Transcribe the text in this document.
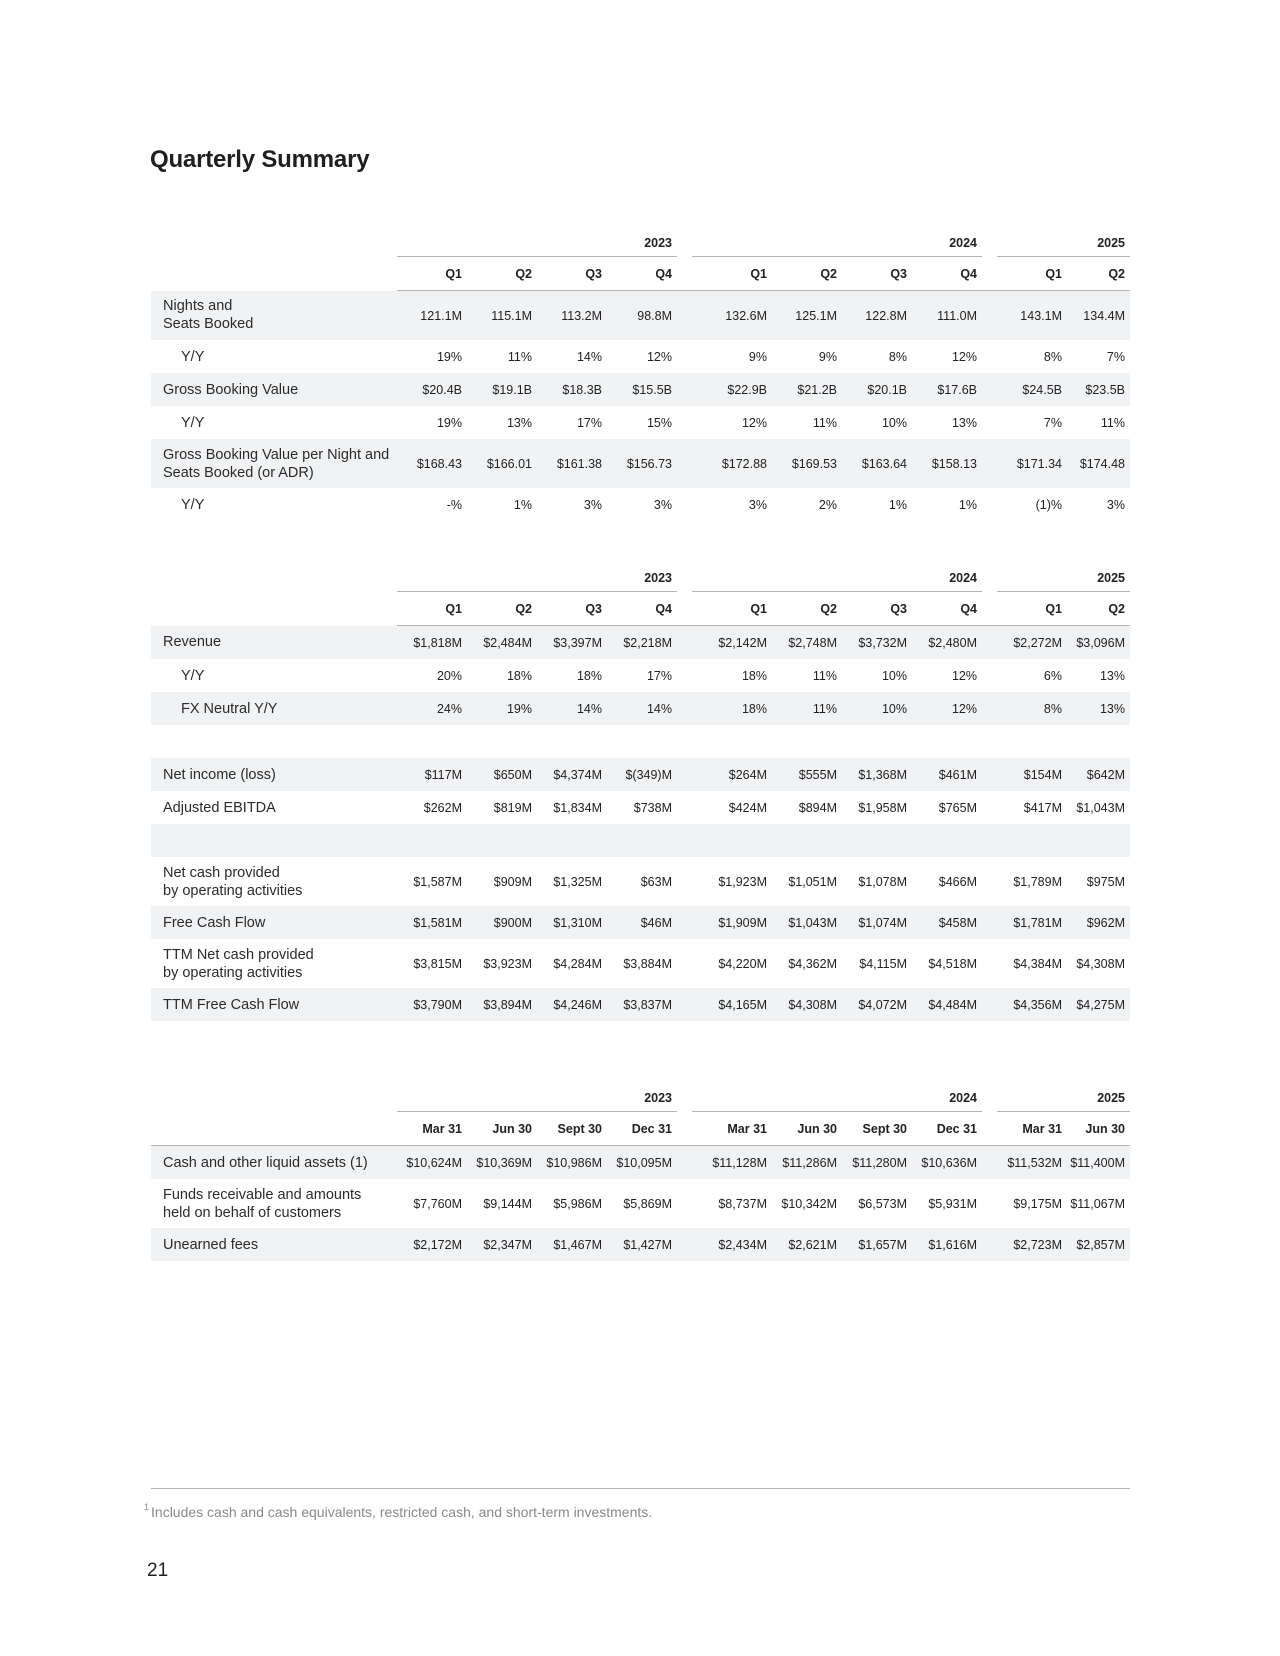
Quarterly Summary
	2023					2024					2025	
	Q1	Q2	Q3	Q4		Q1	Q2	Q3	Q4		Q1	Q2
Nights and
Seats Booked	121.1M	115.1M	113.2M	98.8M		132.6M	125.1M	122.8M	111.0M		143.1M	134.4M
Y/Y	19%	11%	14%	12%		9%	9%	8%	12%		8%	7%
Gross Booking Value	$20.4B	$19.1B	$18.3B	$15.5B		$22.9B	$21.2B	$20.1B	$17.6B		$24.5B	$23.5B
Y/Y	19%	13%	17%	15%		12%	11%	10%	13%		7%	11%
Gross Booking Value per Night and Seats Booked (or ADR)	$168.43	$166.01	$161.38	$156.73		$172.88	$169.53	$163.64	$158.13		$171.34	$174.48
Y/Y	-%	1%	3%	3%		3%	2%	1%	1%		(1)%	3%
	2023					2024					2025	
	Q1	Q2	Q3	Q4		Q1	Q2	Q3	Q4		Q1	Q2
Revenue	$1,818M	$2,484M	$3,397M	$2,218M		$2,142M	$2,748M	$3,732M	$2,480M		$2,272M	$3,096M
Y/Y	20%	18%	18%	17%		18%	11%	10%	12%		6%	13%
FX Neutral Y/Y	24%	19%	14%	14%		18%	11%	10%	12%		8%	13%

Net income (loss)	$117M	$650M	$4,374M	$(349)M		$264M	$555M	$1,368M	$461M		$154M	$642M
Adjusted EBITDA	$262M	$819M	$1,834M	$738M		$424M	$894M	$1,958M	$765M		$417M	$1,043M

Net cash provided
by operating activities	$1,587M	$909M	$1,325M	$63M		$1,923M	$1,051M	$1,078M	$466M		$1,789M	$975M
Free Cash Flow	$1,581M	$900M	$1,310M	$46M		$1,909M	$1,043M	$1,074M	$458M		$1,781M	$962M
TTM Net cash provided
by operating activities	$3,815M	$3,923M	$4,284M	$3,884M		$4,220M	$4,362M	$4,115M	$4,518M		$4,384M	$4,308M
TTM Free Cash Flow	$3,790M	$3,894M	$4,246M	$3,837M		$4,165M	$4,308M	$4,072M	$4,484M		$4,356M	$4,275M
	2023					2024					2025	
	Mar 31	Jun 30	Sept 30	Dec 31		Mar 31	Jun 30	Sept 30	Dec 31		Mar 31	Jun 30
Cash and other liquid assets (1)	$10,624M	$10,369M	$10,986M	$10,095M		$11,128M	$11,286M	$11,280M	$10,636M		$11,532M	$11,400M
Funds receivable and amounts
held on behalf of customers	$7,760M	$9,144M	$5,986M	$5,869M		$8,737M	$10,342M	$6,573M	$5,931M		$9,175M	$11,067M
Unearned fees	$2,172M	$2,347M	$1,467M	$1,427M		$2,434M	$2,621M	$1,657M	$1,616M		$2,723M	$2,857M
$^1$ Includes cash and cash equivalents, restricted cash, and short-term investments.
21
